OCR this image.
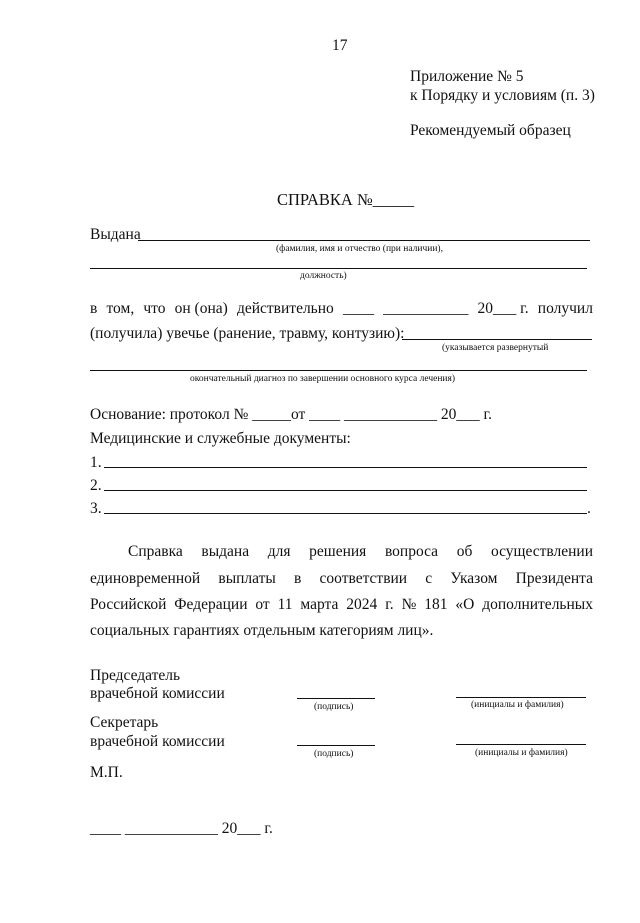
17
Приложение № 5
к Порядку и условиям (п. 3)
Рекомендуемый образец
СПРАВКА №_____
Выдана
(фамилия, имя и отчество (при наличии),
должность)
в том, что он (она) действительно ____ ___________ 20___ г. получил
(получила) увечье (ранение, травму, контузию):
(указывается развернутый
окончательный диагноз по завершении основного курса лечения)
Основание: протокол № _____от ____ ____________ 20___ г.
Медицинские и служебные документы:
1.
2.
3.	.
Справка выдана для решения вопроса об осуществлении
единовременной выплаты в соответствии с Указом Президента
Российской Федерации от 11 марта 2024 г. № 181 «О дополнительных
социальных гарантиях отдельным категориям лиц».
Председатель
врачебной комиссии
(подпись)	(инициалы и фамилия)
Секретарь
врачебной комиссии
(подпись)	(инициалы и фамилия)
М.П.
____ ____________ 20___ г.
